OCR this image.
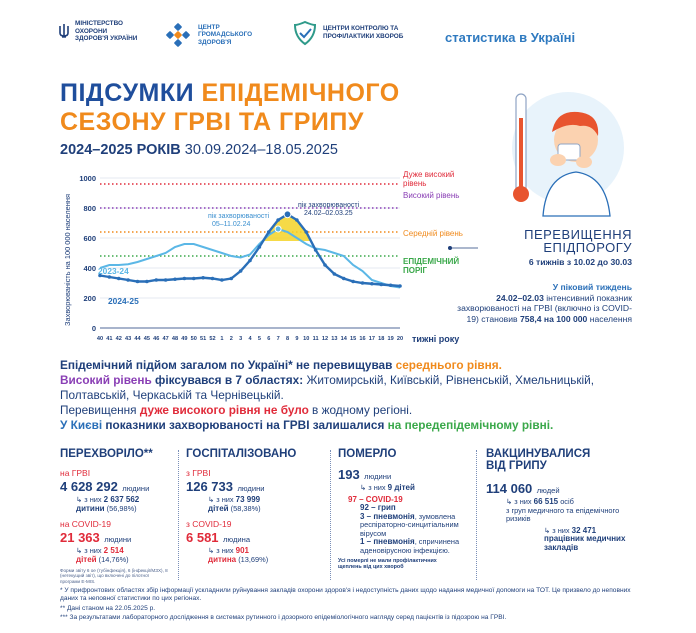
МІНІСТЕРСТВО ОХОРОНИ ЗДОРОВ'Я УКРАЇНИ
ЦЕНТР ГРОМАДСЬКОГО ЗДОРОВ'Я
ЦЕНТРИ КОНТРОЛЮ ТА ПРОФІЛАКТИКИ ХВОРОБ	статистика в Україні
ПІДСУМКИ ЕПІДЕМІЧНОГО
СЕЗОНУ ГРВІ ТА ГРИПУ
2024–2025 РОКІВ 30.09.2024–18.05.2025
Захворюваність на 100 000 населення
1000
800
600
400
200
0
40 41 42 43 44 45 46 47 48 49 50 51 52 1 2 3 4 5 6 7 8 9 10 11 12 13 14 15 16 17 18 19 20 тижні року
2023-24
2024-25
пік захворюваності 05–11.02.24
пік захворюваності 24.02–02.03.25
Дуже високий рівень
Високий рівень
Середній рівень
ЕПІДЕМІЧНИЙ ПОРІГ
ПЕРЕВИЩЕННЯ
ЕПІДПОРОГУ
6 тижнів з 10.02 до 30.03
У піковий тиждень
24.02–02.03 інтенсивний показник захворюваності на ГРВІ (включно із COVID-19) становив 758,4 на 100 000 населення
Епідемічний підйом загалом по Україні* не перевищував середнього рівня.
Високий рівень фіксувався в 7 областях: Житомирській, Київській, Рівненській, Хмельницькій, Полтавській, Черкаській та Чернівецькій.
Перевищення дуже високого рівня не було в жодному регіоні.
У Києві показники захворюваності на ГРВІ залишалися на передепідемічному рівні.
ПЕРЕХВОРІЛО**
на ГРВІ
4 628 292 людини
↳ з них 2 637 562
дитини (56,98%)
на COVID-19
21 363 людини
↳ з них 2 514
дітей (14,76%)
Форми звіту 6 ое (тубінфекція), 6 (інфекції/МЗХ), 8 (нетекущий звіт), що включені до пілотної програми Е-MIS.
ГОСПІТАЛІЗОВАНО
з ГРВІ
126 733 людини
↳ з них 73 999
дітей (58,38%)
з COVID-19
6 581 людина
↳ з них 901
дитина (13,69%)
ПОМЕРЛО
193 людини
↳ з них 9 дітей
97 – COVID-19
92 – грип
3 – пневмонія, зумовлена респіраторно-синцитіальним вірусом
1 – пневмонія, спричинена аденовірусною інфекцією.
Усі померлі не мали профілактичних щеплень від цих хвороб
ВАКЦИНУВАЛИСЯ
ВІД ГРИПУ
114 060 людей
↳ з них 66 515 осіб
з груп медичного та епідемічного ризиків
↳ з них 32 471
працівник медичних закладів
* У прифронтових областях збір інформації ускладнили руйнування закладів охорони здоров'я і недоступність даних щодо надання медичної допомоги на ТОТ. Це призвело до неповних даних та неповної статистики по цих регіонах.
** Дані станом на 22.05.2025 р.
*** За результатами лабораторного дослідження в системах рутинного і дозорного епідеміологічного нагляду серед пацієнтів із підозрою на ГРВІ.
